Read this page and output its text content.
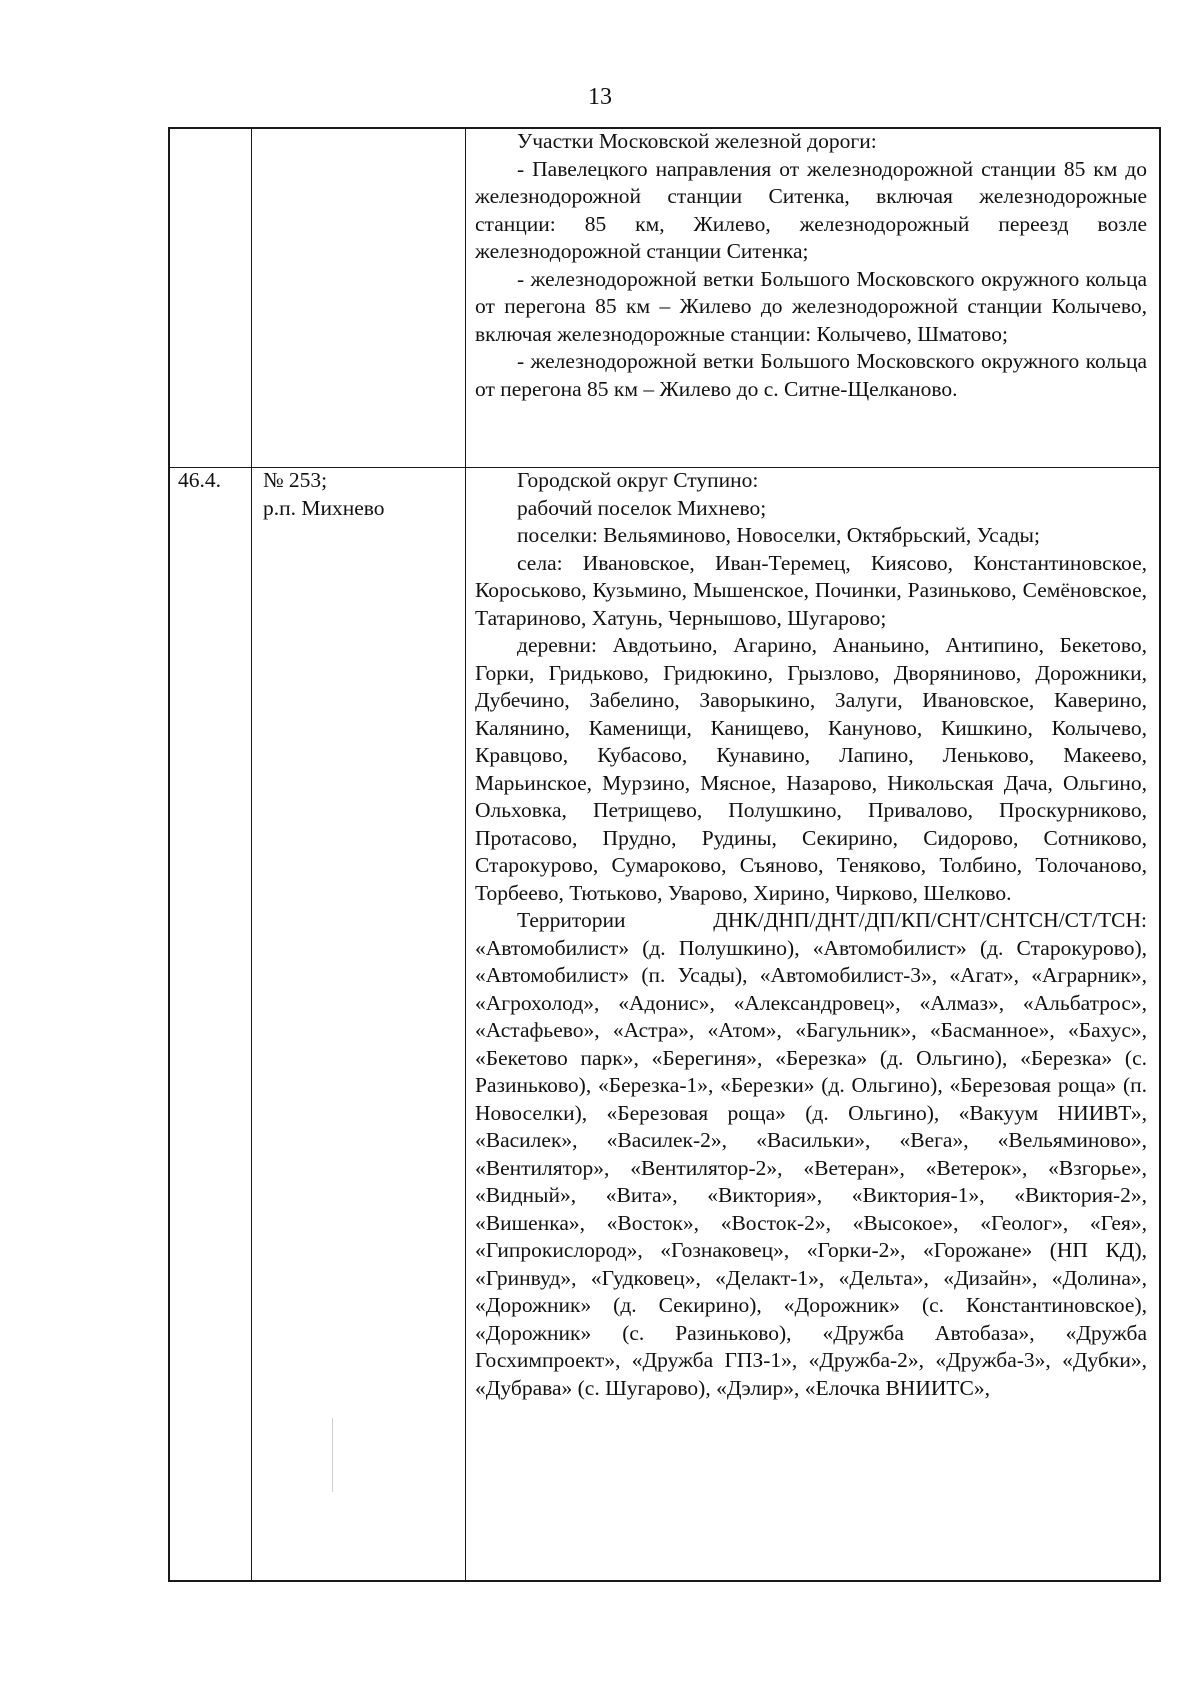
13

Участки Московской железной дороги:

- Павелецкого направления от железнодорожной станции 85 км до железнодорожной станции Ситенка, включая железнодорожные станции: 85 км, Жилево, железнодорожный переезд возле железнодорожной станции Ситенка;

- железнодорожной ветки Большого Московского окружного кольца от перегона 85 км – Жилево до железнодорожной станции Колычево, включая железнодорожные станции: Колычево, Шматово;

- железнодорожной ветки Большого Московского окружного кольца от перегона 85 км – Жилево до с. Ситне-Щелканово.

46.4. № 253;
р.п. Михнево

Городской округ Ступино:

рабочий поселок Михнево;

поселки: Вельяминово, Новоселки, Октябрьский, Усады;

села: Ивановское, Иван-Теремец, Киясово, Константиновское, Короськово, Кузьмино, Мышенское, Починки, Разиньково, Семёновское, Татариново, Хатунь, Чернышово, Шугарово;

деревни: Авдотьино, Агарино, Ананьино, Антипино, Бекетово, Горки, Гридьково, Гридюкино, Грызлово, Дворяниново, Дорожники, Дубечино, Забелино, Заворыкино, Залуги, Ивановское, Каверино, Калянино, Каменищи, Канищево, Кануново, Кишкино, Колычево, Кравцово, Кубасово, Кунавино, Лапино, Леньково, Макеево, Марьинское, Мурзино, Мясное, Назарово, Никольская Дача, Ольгино, Ольховка, Петрищево, Полушкино, Привалово, Проскурниково, Протасово, Прудно, Рудины, Секирино, Сидорово, Сотниково, Старокурово, Сумароково, Съяново, Теняково, Толбино, Толочаново, Торбеево, Тютьково, Уварово, Хирино, Чирково, Шелково.

Территории ДНК/ДНП/ДНТ/ДП/КП/СНТ/СНТСН/СТ/ТСН: «Автомобилист» (д. Полушкино), «Автомобилист» (д. Старокурово), «Автомобилист» (п. Усады), «Автомобилист-3», «Агат», «Аграрник», «Агрохолод», «Адонис», «Александровец», «Алмаз», «Альбатрос», «Астафьево», «Астра», «Атом», «Багульник», «Басманное», «Бахус», «Бекетово парк», «Берегиня», «Березка» (д. Ольгино), «Березка» (с. Разиньково), «Березка-1», «Березки» (д. Ольгино), «Березовая роща» (п. Новоселки), «Березовая роща» (д. Ольгино), «Вакуум НИИВТ», «Василек», «Василек-2», «Васильки», «Вега», «Вельяминово», «Вентилятор», «Вентилятор-2», «Ветеран», «Ветерок», «Взгорье», «Видный», «Вита», «Виктория», «Виктория-1», «Виктория-2», «Вишенка», «Восток», «Восток-2», «Высокое», «Геолог», «Гея», «Гипрокислород», «Гознаковец», «Горки-2», «Горожане» (НП КД), «Гринвуд», «Гудковец», «Делакт-1», «Дельта», «Дизайн», «Долина», «Дорожник» (д. Секирино), «Дорожник» (с. Константиновское), «Дорожник» (с. Разиньково), «Дружба Автобаза», «Дружба Госхимпроект», «Дружба ГПЗ-1», «Дружба-2», «Дружба-3», «Дубки», «Дубрава» (с. Шугарово), «Дэлир», «Елочка ВНИИТС»,
